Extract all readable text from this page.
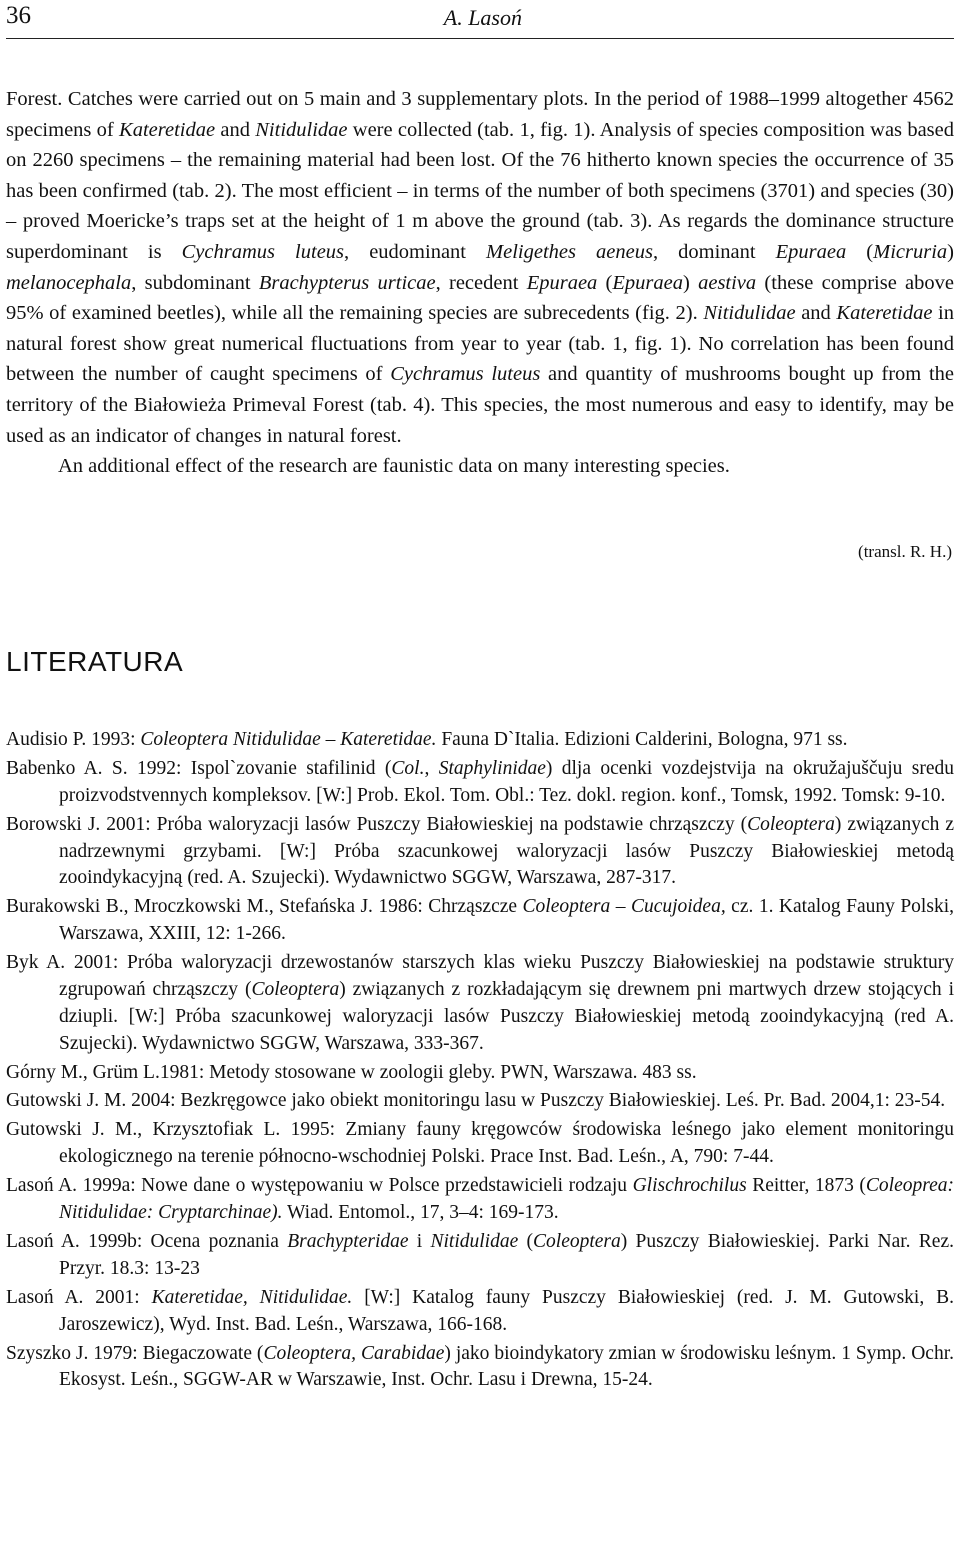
36	A. Lasoń

Forest. Catches were carried out on 5 main and 3 supplementary plots. In the period of 1988–1999 altogether 4562 specimens of Kateretidae and Nitidulidae were collected (tab. 1, fig. 1). Analysis of species composition was based on 2260 specimens – the remaining material had been lost. Of the 76 hitherto known species the occurrence of 35 has been confirmed (tab. 2). The most efficient – in terms of the number of both specimens (3701) and species (30) – proved Moericke’s traps set at the height of 1 m above the ground (tab. 3). As regards the dominance structure superdominant is Cychramus luteus, eudominant Meligethes aeneus, dominant Epuraea (Micruria) melanocephala, subdominant Brachypterus urticae, recedent Epuraea (Epuraea) aestiva (these comprise above 95% of examined beetles), while all the remaining species are subrecedents (fig. 2). Nitidulidae and Kateretidae in natural forest show great numerical fluctuations from year to year (tab. 1, fig. 1). No correlation has been found between the number of caught specimens of Cychramus luteus and quantity of mushrooms bought up from the territory of the Białowieża Primeval Forest (tab. 4). This species, the most numerous and easy to identify, may be used as an indicator of changes in natural forest.

An additional effect of the research are faunistic data on many interesting species.

(transl. R. H.)
LITERATURA
Audisio P. 1993: Coleoptera Nitidulidae – Kateretidae. Fauna D`Italia. Edizioni Calderini, Bologna, 971 ss.
Babenko A. S. 1992: Ispol`zovanie stafilinid (Col., Staphylinidae) dlja ocenki vozdejstvija na okružajuščuju sredu proizvodstvennych kompleksov. [W:] Prob. Ekol. Tom. Obl.: Tez. dokl. region. konf., Tomsk, 1992. Tomsk: 9-10.
Borowski J. 2001: Próba waloryzacji lasów Puszczy Białowieskiej na podstawie chrząszczy (Coleoptera) związanych z nadrzewnymi grzybami. [W:] Próba szacunkowej waloryzacji lasów Puszczy Białowieskiej metodą zooindykacyjną (red. A. Szujecki). Wydawnictwo SGGW, Warszawa, 287-317.
Burakowski B., Mroczkowski M., Stefańska J. 1986: Chrząszcze Coleoptera – Cucujoidea, cz. 1. Katalog Fauny Polski, Warszawa, XXIII, 12: 1-266.
Byk A. 2001: Próba waloryzacji drzewostanów starszych klas wieku Puszczy Białowieskiej na podstawie struktury zgrupowań chrząszczy (Coleoptera) związanych z rozkładającym się drewnem pni martwych drzew stojących i dziupli. [W:] Próba szacunkowej waloryzacji lasów Puszczy Białowieskiej metodą zooindykacyjną (red A. Szujecki). Wydawnictwo SGGW, Warszawa, 333-367.
Górny M., Grüm L.1981: Metody stosowane w zoologii gleby. PWN, Warszawa. 483 ss.
Gutowski J. M. 2004: Bezkręgowce jako obiekt monitoringu lasu w Puszczy Białowieskiej. Leś. Pr. Bad. 2004,1: 23-54.
Gutowski J. M., Krzysztofiak L. 1995: Zmiany fauny kręgowców środowiska leśnego jako element monitoringu ekologicznego na terenie północno-wschodniej Polski. Prace Inst. Bad. Leśn., A, 790: 7-44.
Lasoń A. 1999a: Nowe dane o występowaniu w Polsce przedstawicieli rodzaju Glischrochilus Reitter, 1873 (Coleoprea: Nitidulidae: Cryptarchinae). Wiad. Entomol., 17, 3–4: 169-173.
Lasoń A. 1999b: Ocena poznania Brachypteridae i Nitidulidae (Coleoptera) Puszczy Białowieskiej. Parki Nar. Rez. Przyr. 18.3: 13-23
Lasoń A. 2001: Kateretidae, Nitidulidae. [W:] Katalog fauny Puszczy Białowieskiej (red. J. M. Gutowski, B. Jaroszewicz), Wyd. Inst. Bad. Leśn., Warszawa, 166-168.
Szyszko J. 1979: Biegaczowate (Coleoptera, Carabidae) jako bioindykatory zmian w środowisku leśnym. 1 Symp. Ochr. Ekosyst. Leśn., SGGW-AR w Warszawie, Inst. Ochr. Lasu i Drewna, 15-24.
